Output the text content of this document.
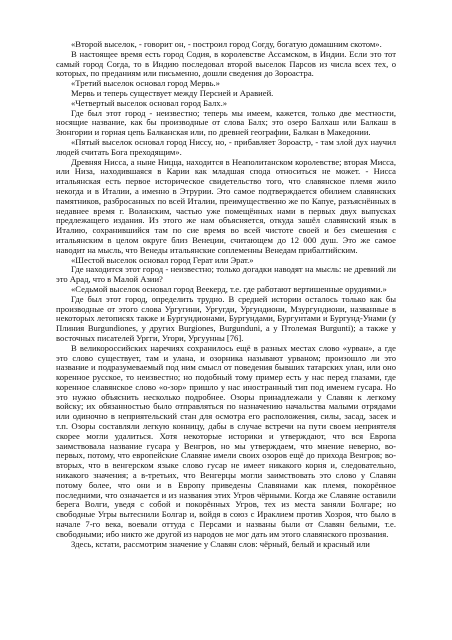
«Второй выселок, - говорит он, - построил город Согду, богатую домашним скотом».

В настоящее время есть город Содия, в королевстве Ассамском, в Индии. Если это тот самый город Согда, то в Индию последовал второй выселок Парсов из числа всех тех, о которых, по преданиям или письменно, дошли сведения до Зороастра.

«Третий выселок основал город Мервь.»

Мервь и теперь существует между Персией и Аравией.

«Четвертый выселок основал город Балх.»

Где был этот город - неизвестно; теперь мы имеем, кажется, только две местности, носящие название, как бы производные от слова Балх; это озеро Балхаш или Балкаш в Зюнгории и горная цепь Балканская или, по древней географии, Балкан в Македонии.

«Пятый выселок основал город Ниссу, но, - прибавляет Зороастр, - там злой дух научил людей считать Бога преходящим».

Древняя Нисса, а ныне Ницца, находится в Неаполитанском королевстве; вторая Мисса, или Низа, находившаяся в Карии как младшая сподa относиться не может. - Нисса итальянская есть первое историческое свидетельство того, что славянское племя жило некогда и в Италии, а именно в Этрурии. Это самое подтверждается обилием славянских памятников, разбросанных по всей Италии, преимущественно же по Капуе, разъяснённых в недавнее время г. Воланским, частью уже помещённых нами в первых двух выпусках предлежащего издания. Из этого же нам объясняется, откуда зашёл славянский язык в Италию, сохранившийся там по сие время во всей чистоте своей и без смешения с итальянским в целом округе близ Венеции, считающем до 12 000 душ. Это же самое наводит на мысль, что Венеды итальянские соплеменны Венедам прибалтийским.

«Шестой выселок основал город Герат или Эрат.»

Где находится этот город - неизвестно; только догадки наводят на мысль: не древний ли это Арад, что в Малой Азии?

«Седьмой выселок основал город Веекерд, т.е. где работают вертишенные орудиями.»

Где был этот город, определить трудно. В средней истории осталось только как бы производные от этого слова Ургугини, Ургугди, Ургундиони, Мзургундиони, названные в некоторых летописях также и Бургундионами, Бургундами, Бургунтами и Бургунд-Унами (у Плиния Burgundiones, у других Burgiones, Burgunduni, а у Птолемая Burgunti); а также у восточных писателей Ургги, Угори, Ургуунны [76].

В великороссийских наречиях сохранилось ещё в разных местах слово «урван», а где это слово существует, там и улана, и озорника называют урваном; произошло ли это название и подразумеваемый под ним смысл от поведения бывших татарских улан, или оно коренное русское, то неизвестно; но подобный тому пример есть у нас перед глазами, где коренное славянское слово «о-зор» пришло у нас иностранный тип под именем гусара. Но это нужно объяснить несколько подробнее. Озоры принадлежали у Славян к легкому войску; их обязанностью было отправляться по назначению начальства малыми отрядами или одиночно в неприятельский стан для осмотра его расположения, силы, засад, засек и т.п. Озоры составляли легкую конницу, дабы в случае встречи на пути своем неприятеля скорее могли удалиться. Хотя некоторые историки и утверждают, что вся Европа заимствовала название гусара у Венгров, но мы утверждаем, что мнение неверно, во-первых, потому, что европейские Славяне имели своих озоров ещё до прихода Венгров; во-вторых, что в венгерском языке слово гусар не имеет никакого корня и, следовательно, никакого значения; а в-третьих, что Венгерцы могли заимствовать это слово у Славян потому более, что они и в Европу приведены Славянами как племя, покорённое последними, что означается и из названия этих Угров чёрными. Когда же Славяне оставили берега Волги, уведя с собой и покорённых Угров, тех из места заняли Болгаре; но свободные Угры вытеснили Болгар и, войдя в союз с Ираклием против Хозроя, что было в начале 7-го века, воевали оттуда с Персами и названы были от Славян белыми, т.е. свободными; ибо никто же другой из народов не мог дать им этого славянского прозвания.

Здесь, кстати, рассмотрим значение у Славян слов: чёрный, белый и красный или
